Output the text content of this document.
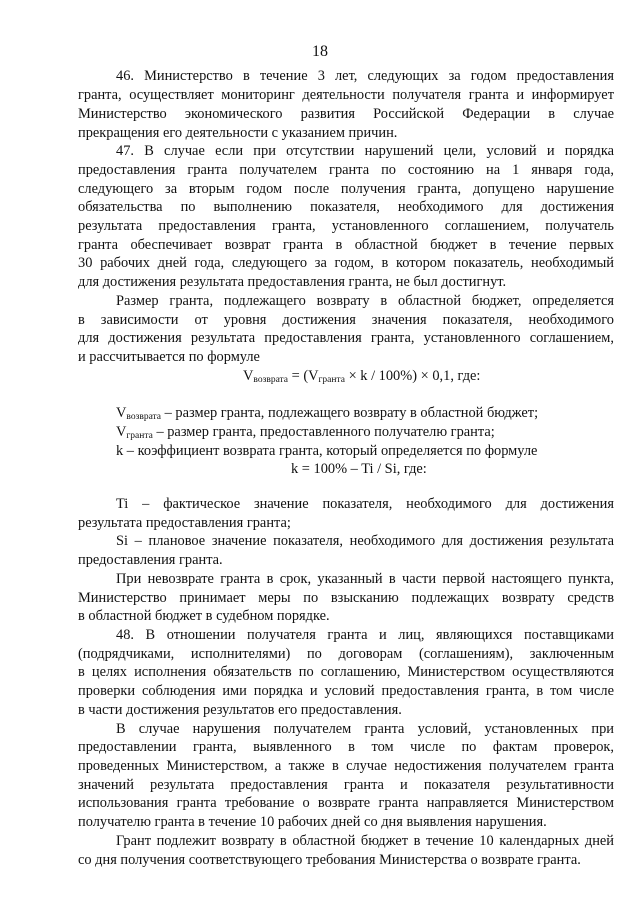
18
46. Министерство в течение 3 лет, следующих за годом предоставления
гранта, осуществляет мониторинг деятельности получателя гранта и информирует
Министерство экономического развития Российской Федерации в случае
прекращения его деятельности с указанием причин.
47. В случае если при отсутствии нарушений цели, условий и порядка
предоставления гранта получателем гранта по состоянию на 1 января года,
следующего за вторым годом после получения гранта, допущено нарушение
обязательства по выполнению показателя, необходимого для достижения
результата предоставления гранта, установленного соглашением, получатель
гранта обеспечивает возврат гранта в областной бюджет в течение первых
30 рабочих дней года, следующего за годом, в котором показатель, необходимый
для достижения результата предоставления гранта, не был достигнут.
Размер гранта, подлежащего возврату в областной бюджет, определяется
в зависимости от уровня достижения значения показателя, необходимого
для достижения результата предоставления гранта, установленного соглашением,
и рассчитывается по формуле
$V_{возврата} = (V_{гранта} \times k / 100\%) \times 0,1$, где:
$V_{возврата}$ – размер гранта, подлежащего возврату в областной бюджет;
$V_{гранта}$ – размер гранта, предоставленного получателю гранта;
k – коэффициент возврата гранта, который определяется по формуле
k = 100% – Ti / Si, где:
Ti – фактическое значение показателя, необходимого для достижения
результата предоставления гранта;
Si – плановое значение показателя, необходимого для достижения результата
предоставления гранта.
При невозврате гранта в срок, указанный в части первой настоящего пункта,
Министерство принимает меры по взысканию подлежащих возврату средств
в областной бюджет в судебном порядке.
48. В отношении получателя гранта и лиц, являющихся поставщиками
(подрядчиками, исполнителями) по договорам (соглашениям), заключенным
в целях исполнения обязательств по соглашению, Министерством осуществляются
проверки соблюдения ими порядка и условий предоставления гранта, в том числе
в части достижения результатов его предоставления.
В случае нарушения получателем гранта условий, установленных при
предоставлении гранта, выявленного в том числе по фактам проверок,
проведенных Министерством, а также в случае недостижения получателем гранта
значений результата предоставления гранта и показателя результативности
использования гранта требование о возврате гранта направляется Министерством
получателю гранта в течение 10 рабочих дней со дня выявления нарушения.
Грант подлежит возврату в областной бюджет в течение 10 календарных дней
со дня получения соответствующего требования Министерства о возврате гранта.
